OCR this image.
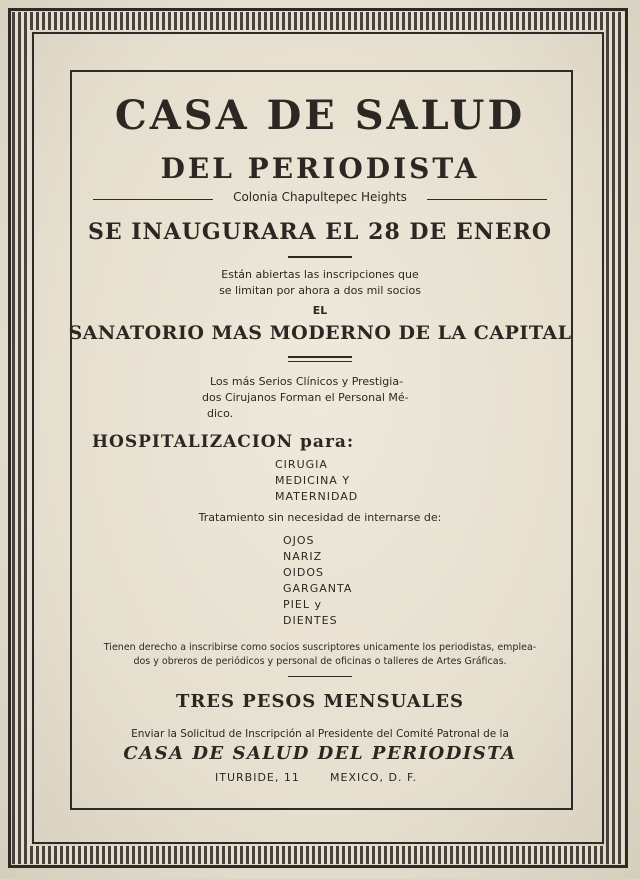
CASA DE SALUD
DEL PERIODISTA
Colonia Chapultepec Heights
SE INAUGURARA EL 28 DE ENERO
Están abiertas las inscripciones que
se limitan por ahora a dos mil socios
EL
SANATORIO MAS MODERNO DE LA CAPITAL
Los más Serios Clínicos y Prestigia-
dos Cirujanos Forman el Personal Mé-
dico.
HOSPITALIZACION para:
CIRUGIA
MEDICINA Y
MATERNIDAD
Tratamiento sin necesidad de internarse de:
OJOS
NARIZ
OIDOS
GARGANTA
PIEL y
DIENTES
Tienen derecho a inscribirse como socios suscriptores unicamente los periodistas, emplea-
dos y obreros de periódicos y personal de oficinas o talleres de Artes Gráficas.
TRES PESOS MENSUALES
Enviar la Solicitud de Inscripción al Presidente del Comité Patronal de la
CASA DE SALUD DEL PERIODISTA
ITURBIDE, 11	MEXICO, D. F.
